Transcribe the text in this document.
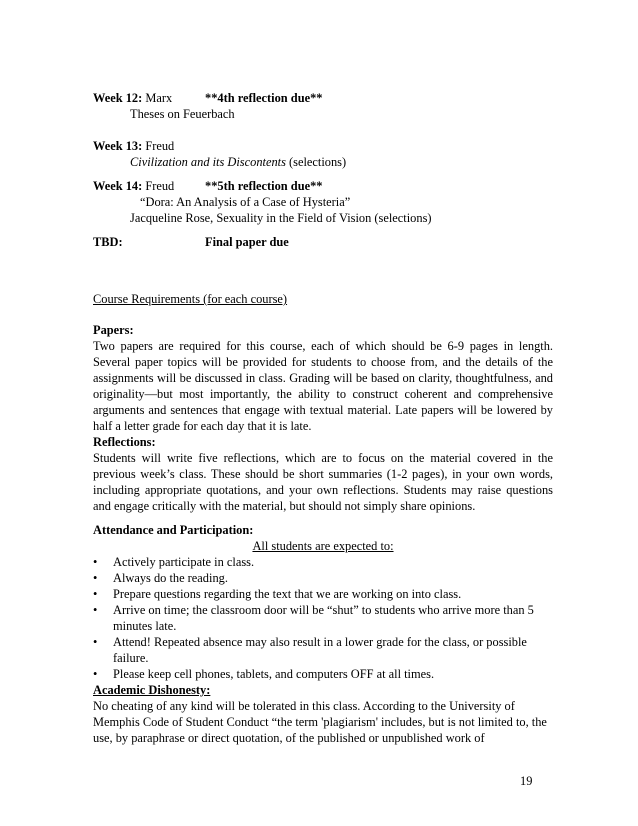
Week 12: Marx	**4th reflection due**
Theses on Feuerbach
Week 13: Freud
Civilization and its Discontents (selections)
Week 14: Freud **5th reflection due**
“Dora: An Analysis of a Case of Hysteria”
Jacqueline Rose, Sexuality in the Field of Vision (selections)
TBD:	Final paper due
Course Requirements (for each course)
Papers:
Two papers are required for this course, each of which should be 6-9 pages in length. Several paper topics will be provided for students to choose from, and the details of the assignments will be discussed in class. Grading will be based on clarity, thoughtfulness, and originality—but most importantly, the ability to construct coherent and comprehensive arguments and sentences that engage with textual material. Late papers will be lowered by half a letter grade for each day that it is late.
Reflections:
Students will write five reflections, which are to focus on the material covered in the previous week’s class. These should be short summaries (1-2 pages), in your own words, including appropriate quotations, and your own reflections. Students may raise questions and engage critically with the material, but should not simply share opinions.
Attendance and Participation:
All students are expected to:
•	Actively participate in class.
•	Always do the reading.
•	Prepare questions regarding the text that we are working on into class.
•	Arrive on time; the classroom door will be “shut” to students who arrive more than 5 minutes late.
•	Attend! Repeated absence may also result in a lower grade for the class, or possible failure.
•	Please keep cell phones, tablets, and computers OFF at all times.
Academic Dishonesty:
No cheating of any kind will be tolerated in this class. According to the University of Memphis Code of Student Conduct “the term 'plagiarism' includes, but is not limited to, the use, by paraphrase or direct quotation, of the published or unpublished work of
19
